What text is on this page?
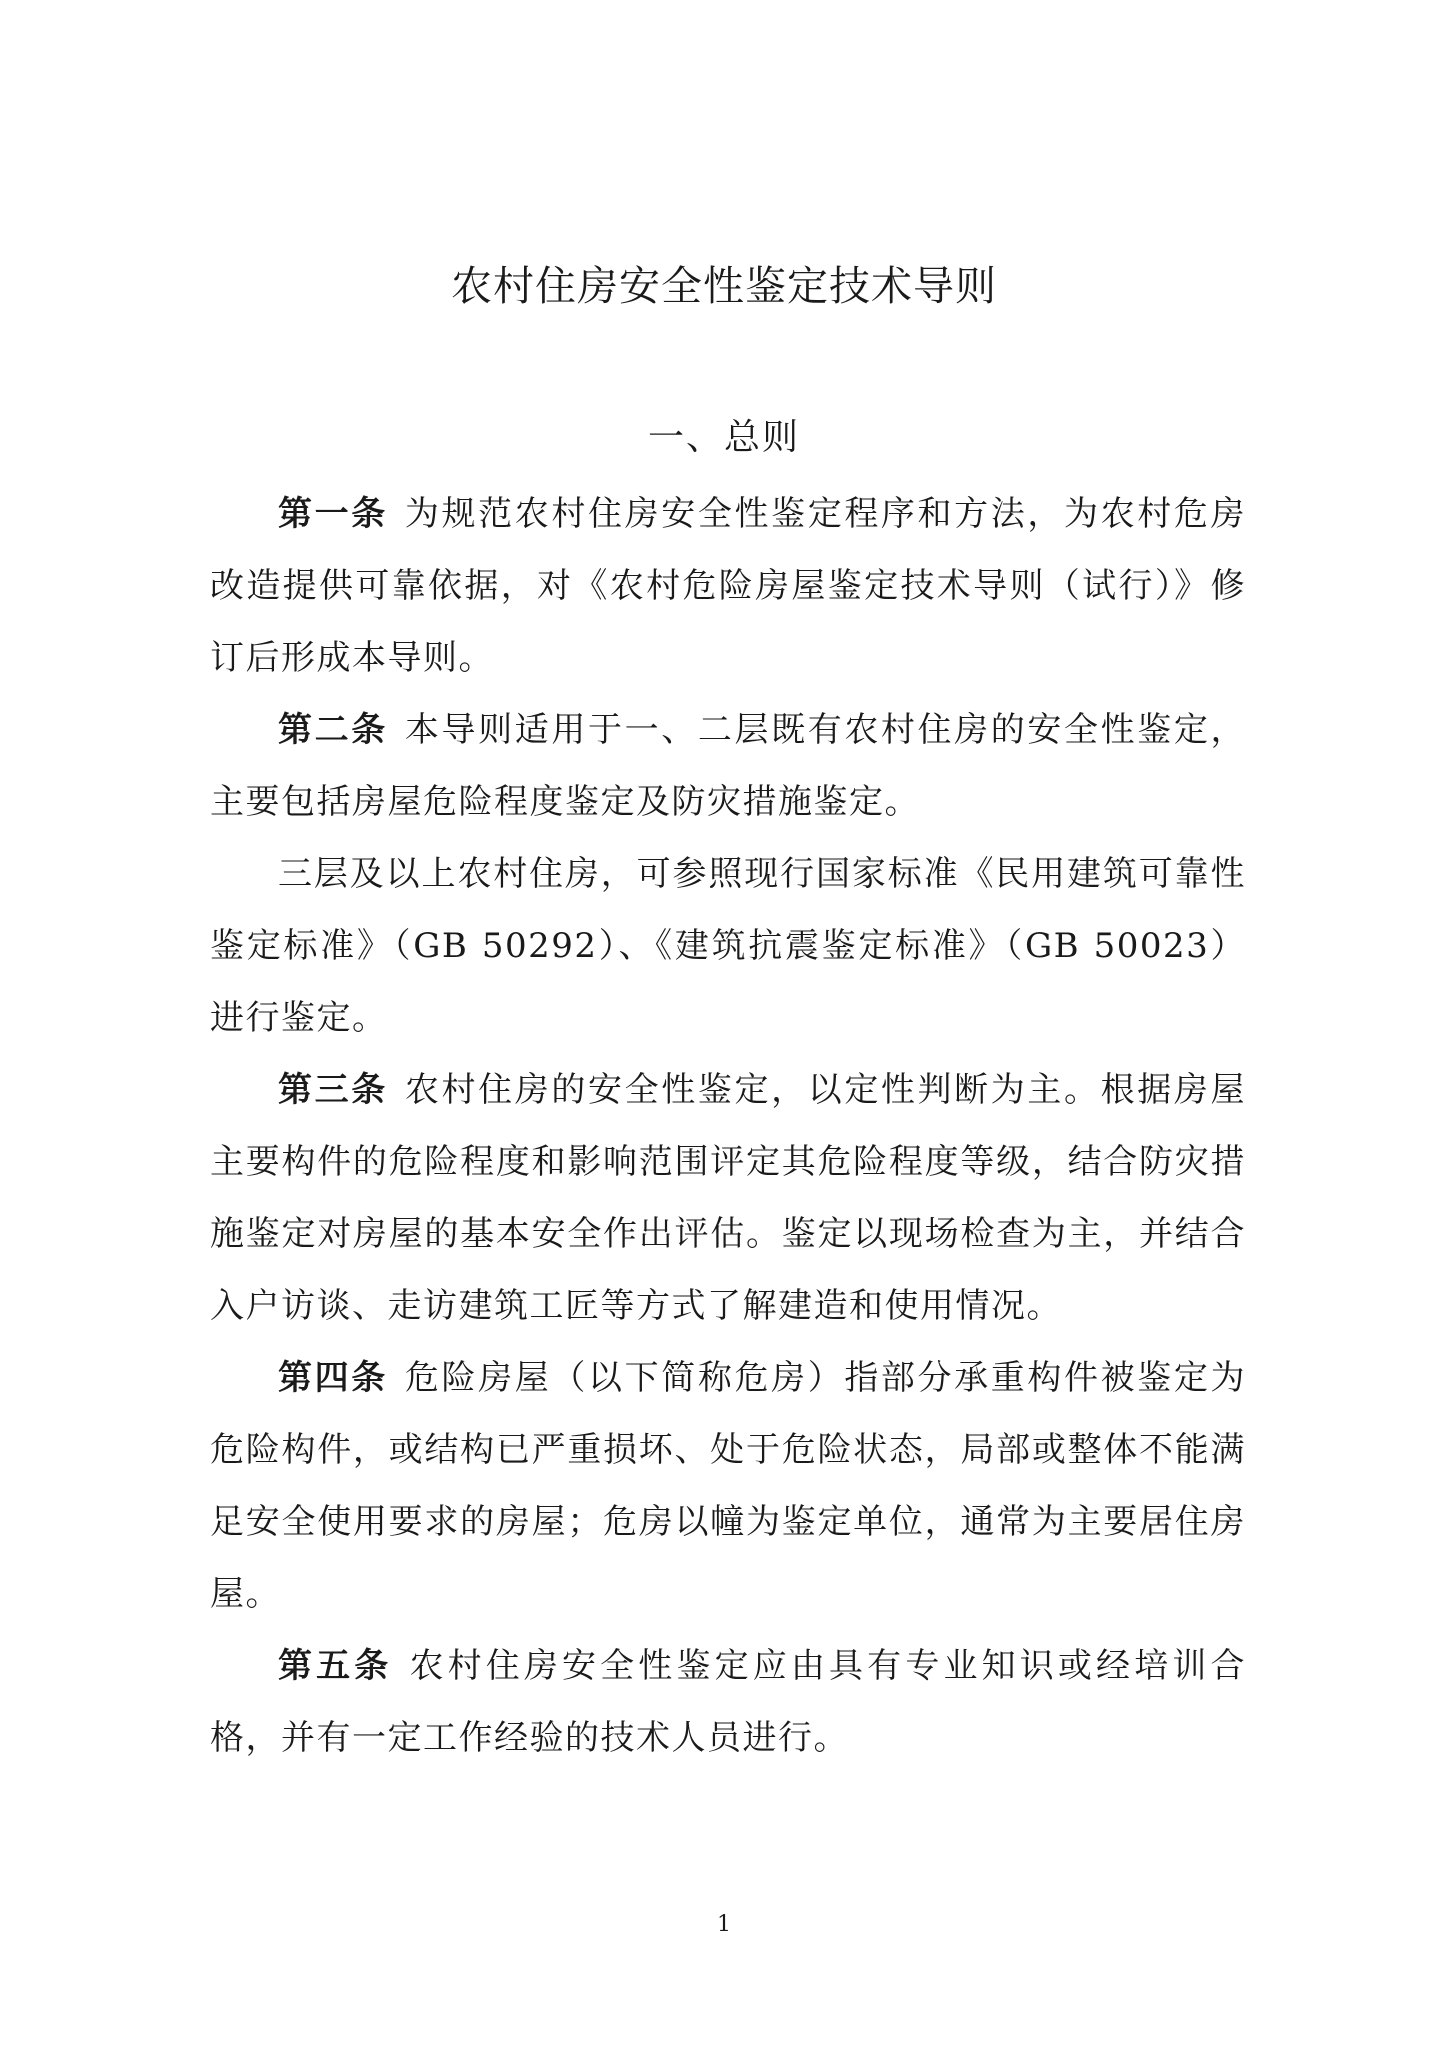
农村住房安全性鉴定技术导则
一、总则

第一条 为规范农村住房安全性鉴定程序和方法，为农村危房改造提供可靠依据，对《农村危险房屋鉴定技术导则（试行）》修订后形成本导则。

第二条 本导则适用于一、二层既有农村住房的安全性鉴定，主要包括房屋危险程度鉴定及防灾措施鉴定。

三层及以上农村住房，可参照现行国家标准《民用建筑可靠性鉴定标准》（GB 50292）、《建筑抗震鉴定标准》（GB 50023）进行鉴定。

第三条 农村住房的安全性鉴定，以定性判断为主。根据房屋主要构件的危险程度和影响范围评定其危险程度等级，结合防灾措施鉴定对房屋的基本安全作出评估。鉴定以现场检查为主，并结合入户访谈、走访建筑工匠等方式了解建造和使用情况。

第四条 危险房屋（以下简称危房）指部分承重构件被鉴定为危险构件，或结构已严重损坏、处于危险状态，局部或整体不能满足安全使用要求的房屋；危房以幢为鉴定单位，通常为主要居住房屋。

第五条 农村住房安全性鉴定应由具有专业知识或经培训合格，并有一定工作经验的技术人员进行。

1
